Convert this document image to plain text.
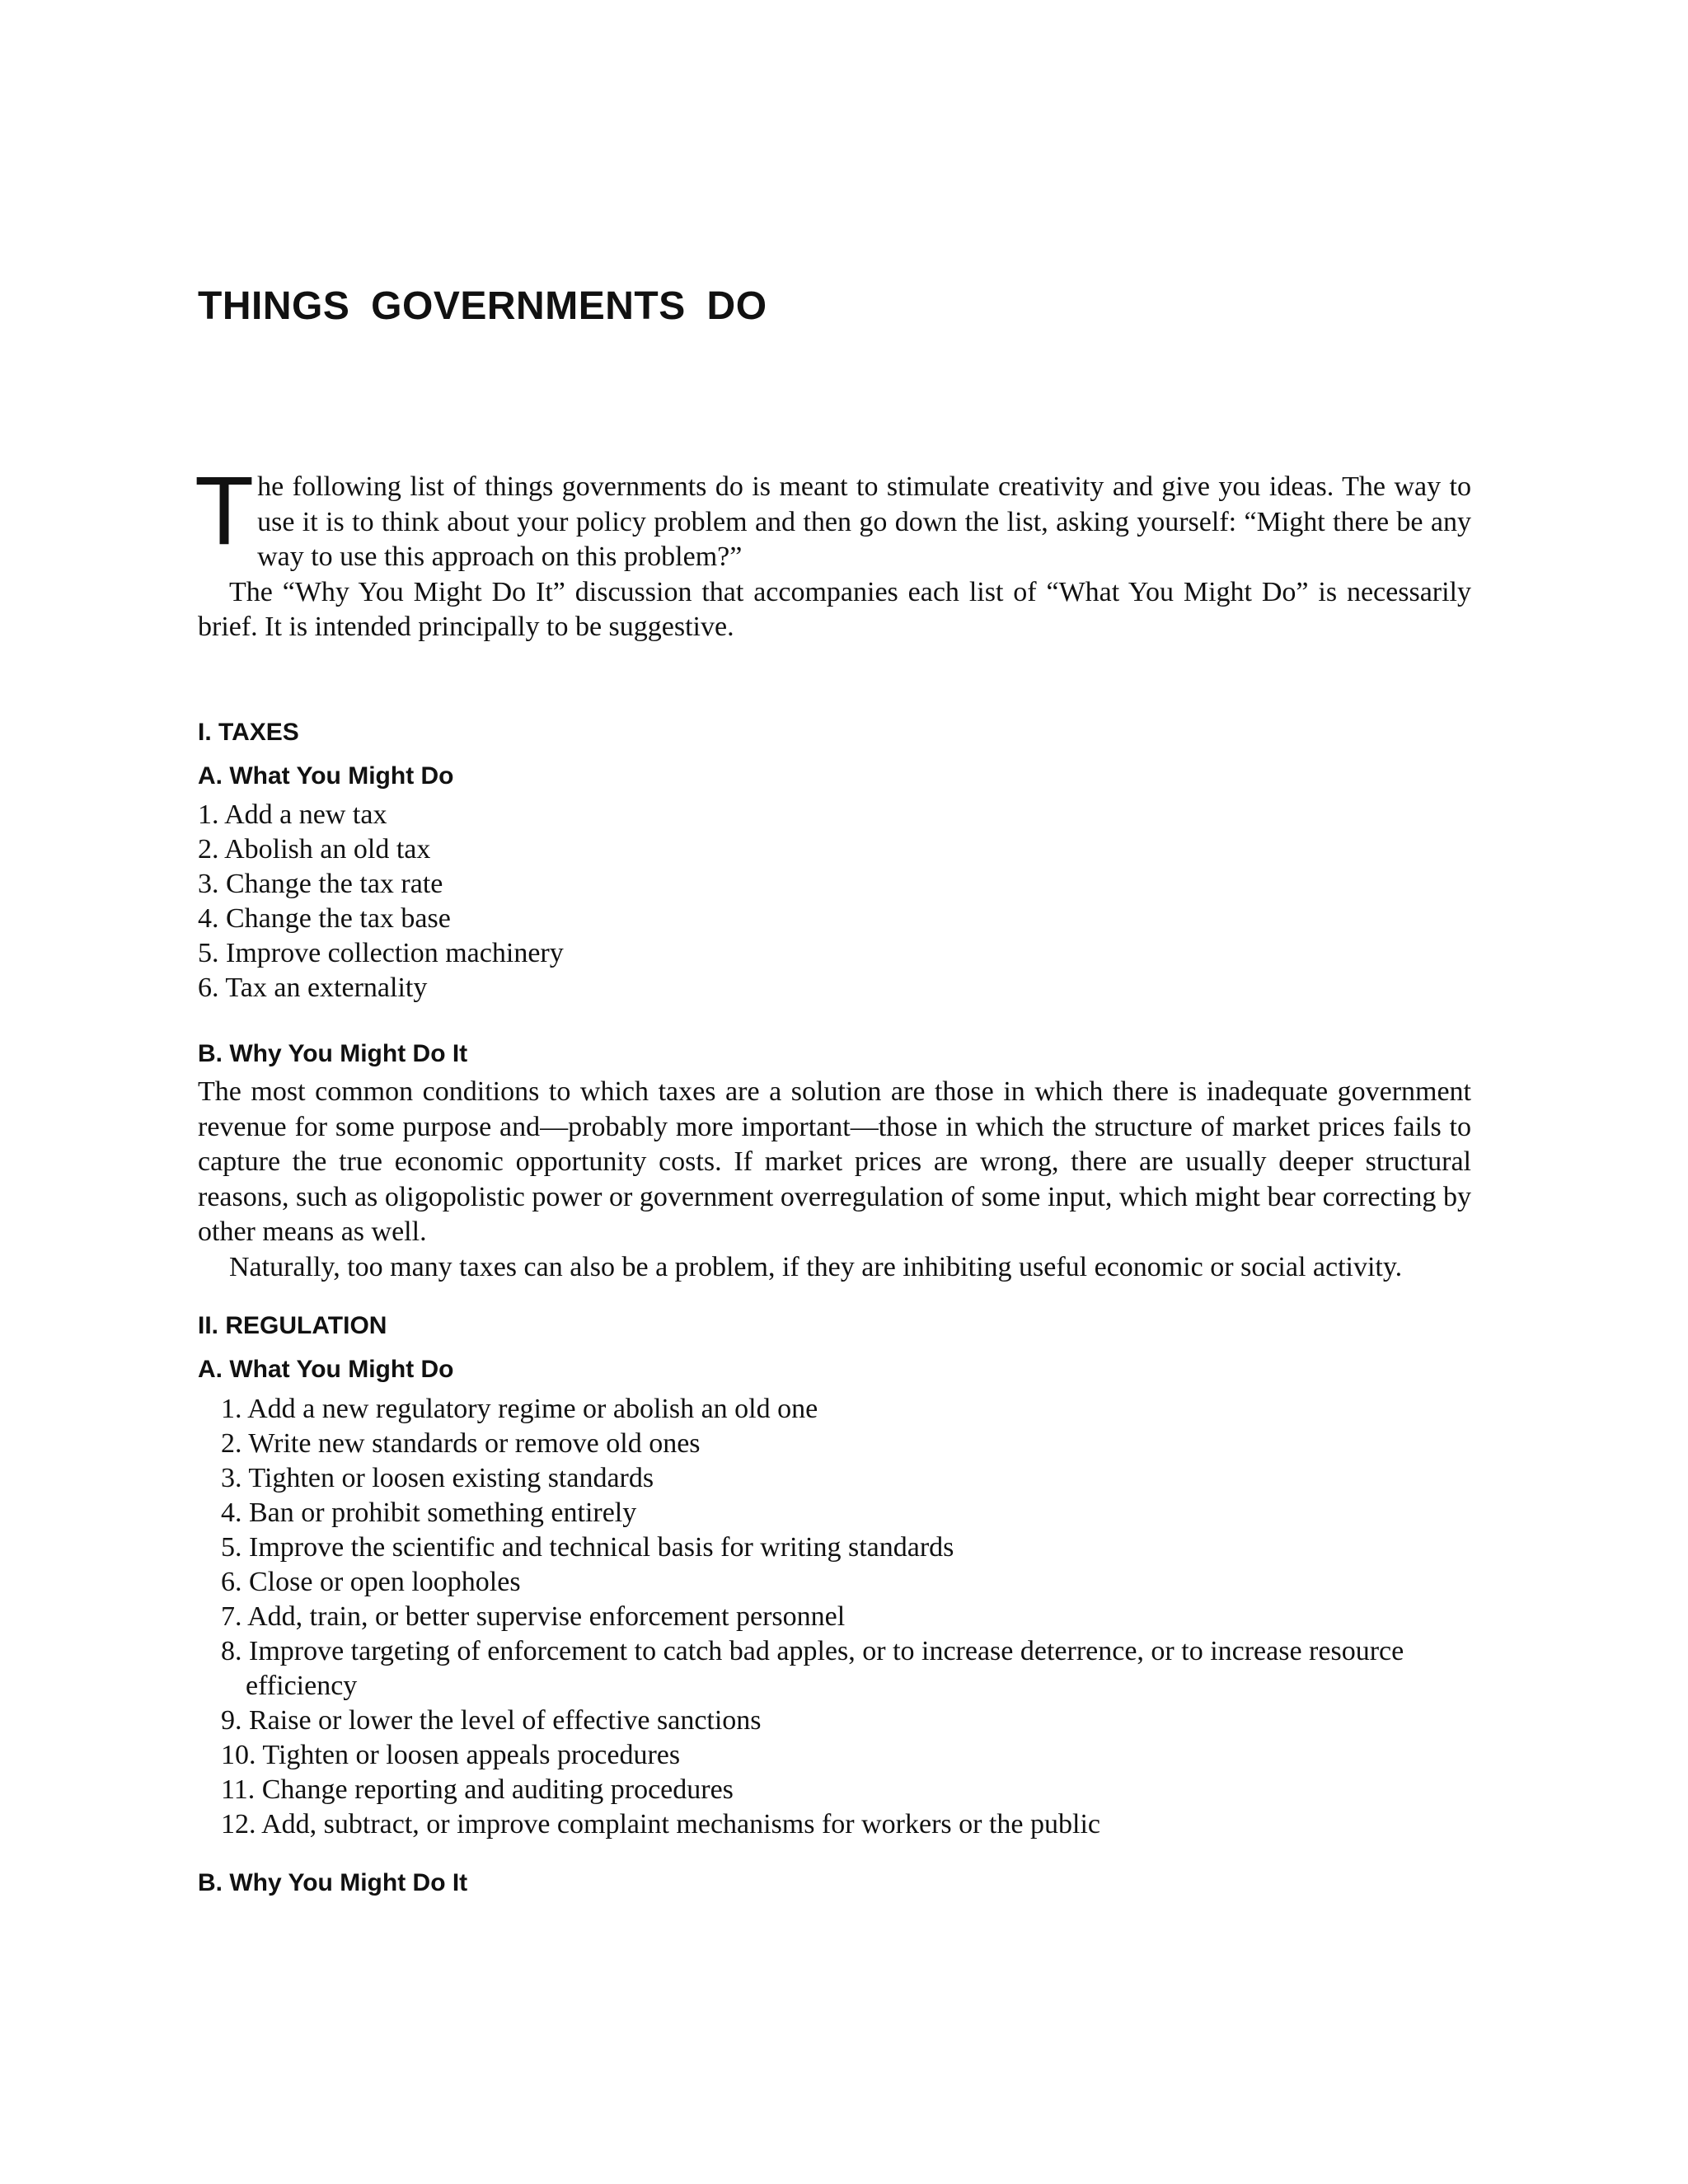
THINGS GOVERNMENTS DO

The following list of things governments do is meant to stimulate creativity and give you ideas. The way to use it is to think about your policy problem and then go down the list, asking yourself: “Might there be any way to use this approach on this problem?”

The “Why You Might Do It” discussion that accompanies each list of “What You Might Do” is necessarily brief. It is intended principally to be suggestive.

I. TAXES
A. What You Might Do
1. Add a new tax
2. Abolish an old tax
3. Change the tax rate
4. Change the tax base
5. Improve collection machinery
6. Tax an externality
B. Why You Might Do It

The most common conditions to which taxes are a solution are those in which there is inadequate government revenue for some purpose and—probably more important—those in which the structure of market prices fails to capture the true economic opportunity costs. If market prices are wrong, there are usually deeper structural reasons, such as oligopolistic power or government overregulation of some input, which might bear correcting by other means as well.

Naturally, too many taxes can also be a problem, if they are inhibiting useful economic or social activity.

II. REGULATION
A. What You Might Do
1. Add a new regulatory regime or abolish an old one
2. Write new standards or remove old ones
3. Tighten or loosen existing standards
4. Ban or prohibit something entirely
5. Improve the scientific and technical basis for writing standards
6. Close or open loopholes
7. Add, train, or better supervise enforcement personnel
8. Improve targeting of enforcement to catch bad apples, or to increase deterrence, or to increase resource
efficiency
9. Raise or lower the level of effective sanctions
10. Tighten or loosen appeals procedures
11. Change reporting and auditing procedures
12. Add, subtract, or improve complaint mechanisms for workers or the public
B. Why You Might Do It
